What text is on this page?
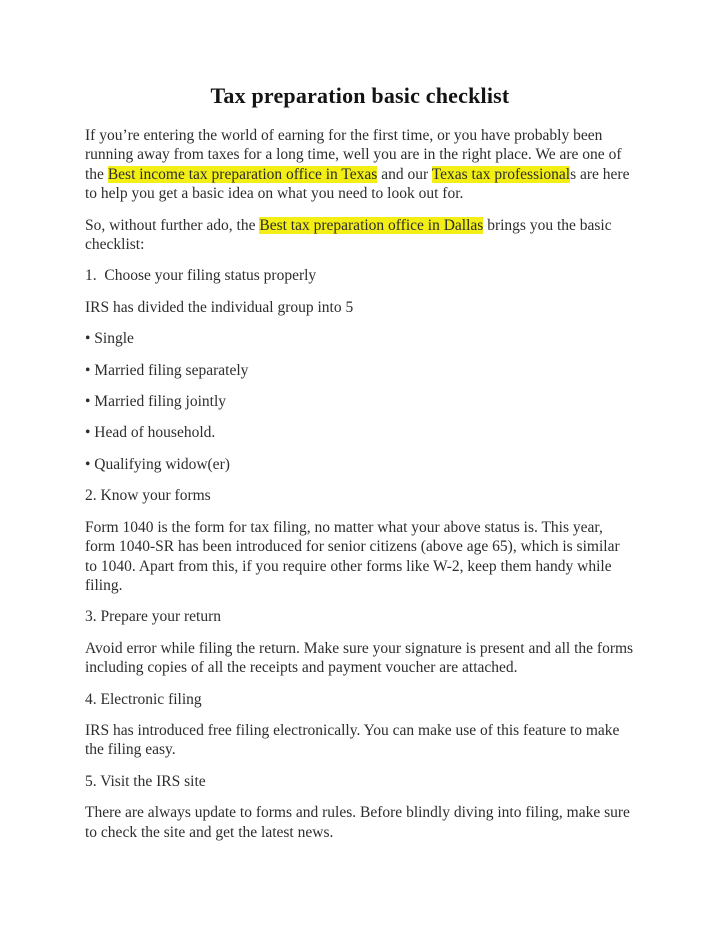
Tax preparation basic checklist

If you’re entering the world of earning for the first time, or you have probably been running away from taxes for a long time, well you are in the right place. We are one of the Best income tax preparation office in Texas and our Texas tax professionals are here to help you get a basic idea on what you need to look out for.

So, without further ado, the Best tax preparation office in Dallas brings you the basic checklist:

1.  Choose your filing status properly

IRS has divided the individual group into 5

• Single

• Married filing separately

• Married filing jointly

• Head of household.

• Qualifying widow(er)

2. Know your forms

Form 1040 is the form for tax filing, no matter what your above status is. This year, form 1040-SR has been introduced for senior citizens (above age 65), which is similar to 1040. Apart from this, if you require other forms like W-2, keep them handy while filing.

3. Prepare your return

Avoid error while filing the return. Make sure your signature is present and all the forms including copies of all the receipts and payment voucher are attached.

4. Electronic filing

IRS has introduced free filing electronically. You can make use of this feature to make the filing easy.

5. Visit the IRS site

There are always update to forms and rules. Before blindly diving into filing, make sure to check the site and get the latest news.
